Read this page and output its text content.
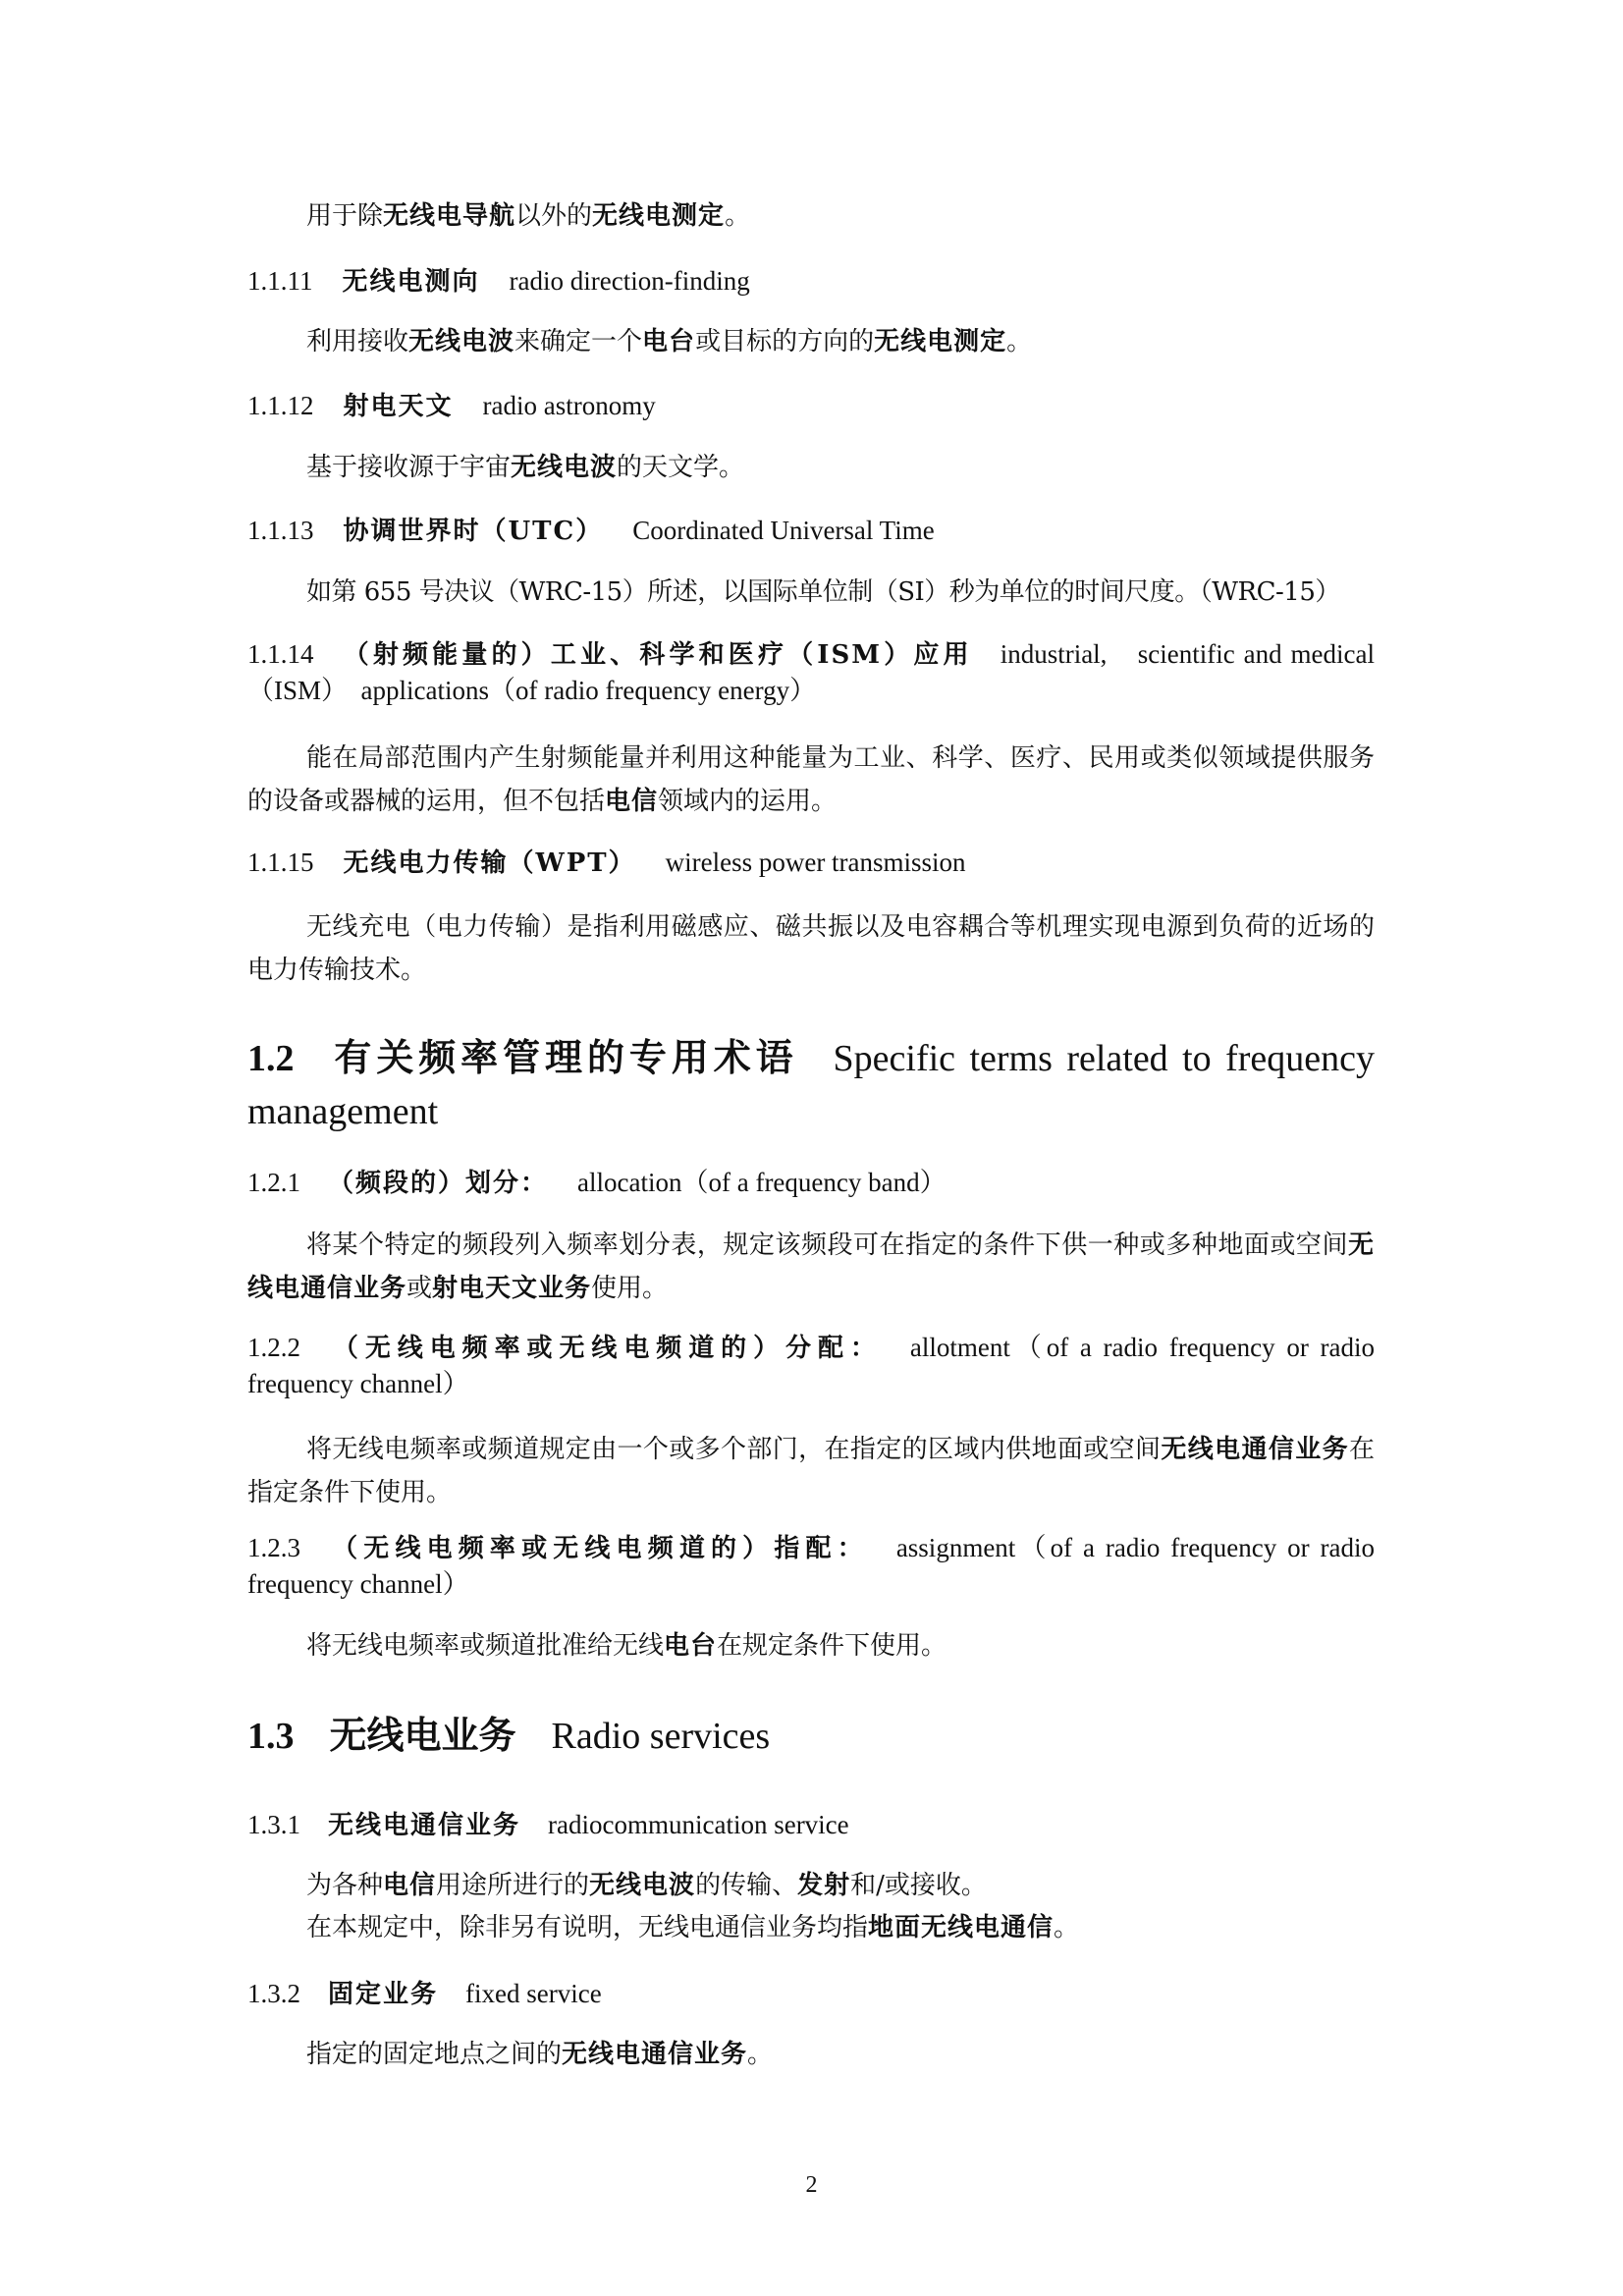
用于除无线电导航以外的无线电测定。
1.1.11 无线电测向 radio direction-finding
利用接收无线电波来确定一个电台或目标的方向的无线电测定。
1.1.12 射电天文 radio astronomy
基于接收源于宇宙无线电波的天文学。
1.1.13 协调世界时（UTC） Coordinated Universal Time
如第 655 号决议（WRC-15）所述，以国际单位制（SI）秒为单位的时间尺度。（WRC-15）
1.1.14 （射频能量的）工业、科学和医疗（ISM）应用 industrial,　scientific and medical
（ISM）　applications（of radio frequency energy）
能在局部范围内产生射频能量并利用这种能量为工业、科学、医疗、民用或类似领域提供服务的设备或器械的运用，但不包括电信领域内的运用。
1.1.15 无线电力传输（WPT） wireless power transmission
无线充电（电力传输）是指利用磁感应、磁共振以及电容耦合等机理实现电源到负荷的近场的电力传输技术。
1.2 有关频率管理的专用术语 Specific terms related to frequency
management
1.2.1 （频段的）划分： allocation（of a frequency band）
将某个特定的频段列入频率划分表，规定该频段可在指定的条件下供一种或多种地面或空间无线电通信业务或射电天文业务使用。
1.2.2 （无线电频率或无线电频道的）分配： allotment（of a radio frequency or radio
frequency channel）
将无线电频率或频道规定由一个或多个部门，在指定的区域内供地面或空间无线电通信业务在指定条件下使用。
1.2.3 （无线电频率或无线电频道的）指配： assignment（of a radio frequency or radio
frequency channel）
将无线电频率或频道批准给无线电台在规定条件下使用。
1.3 无线电业务 Radio services
1.3.1 无线电通信业务 radiocommunication service
为各种电信用途所进行的无线电波的传输、发射和/或接收。
在本规定中，除非另有说明，无线电通信业务均指地面无线电通信。
1.3.2 固定业务 fixed service
指定的固定地点之间的无线电通信业务。
2
